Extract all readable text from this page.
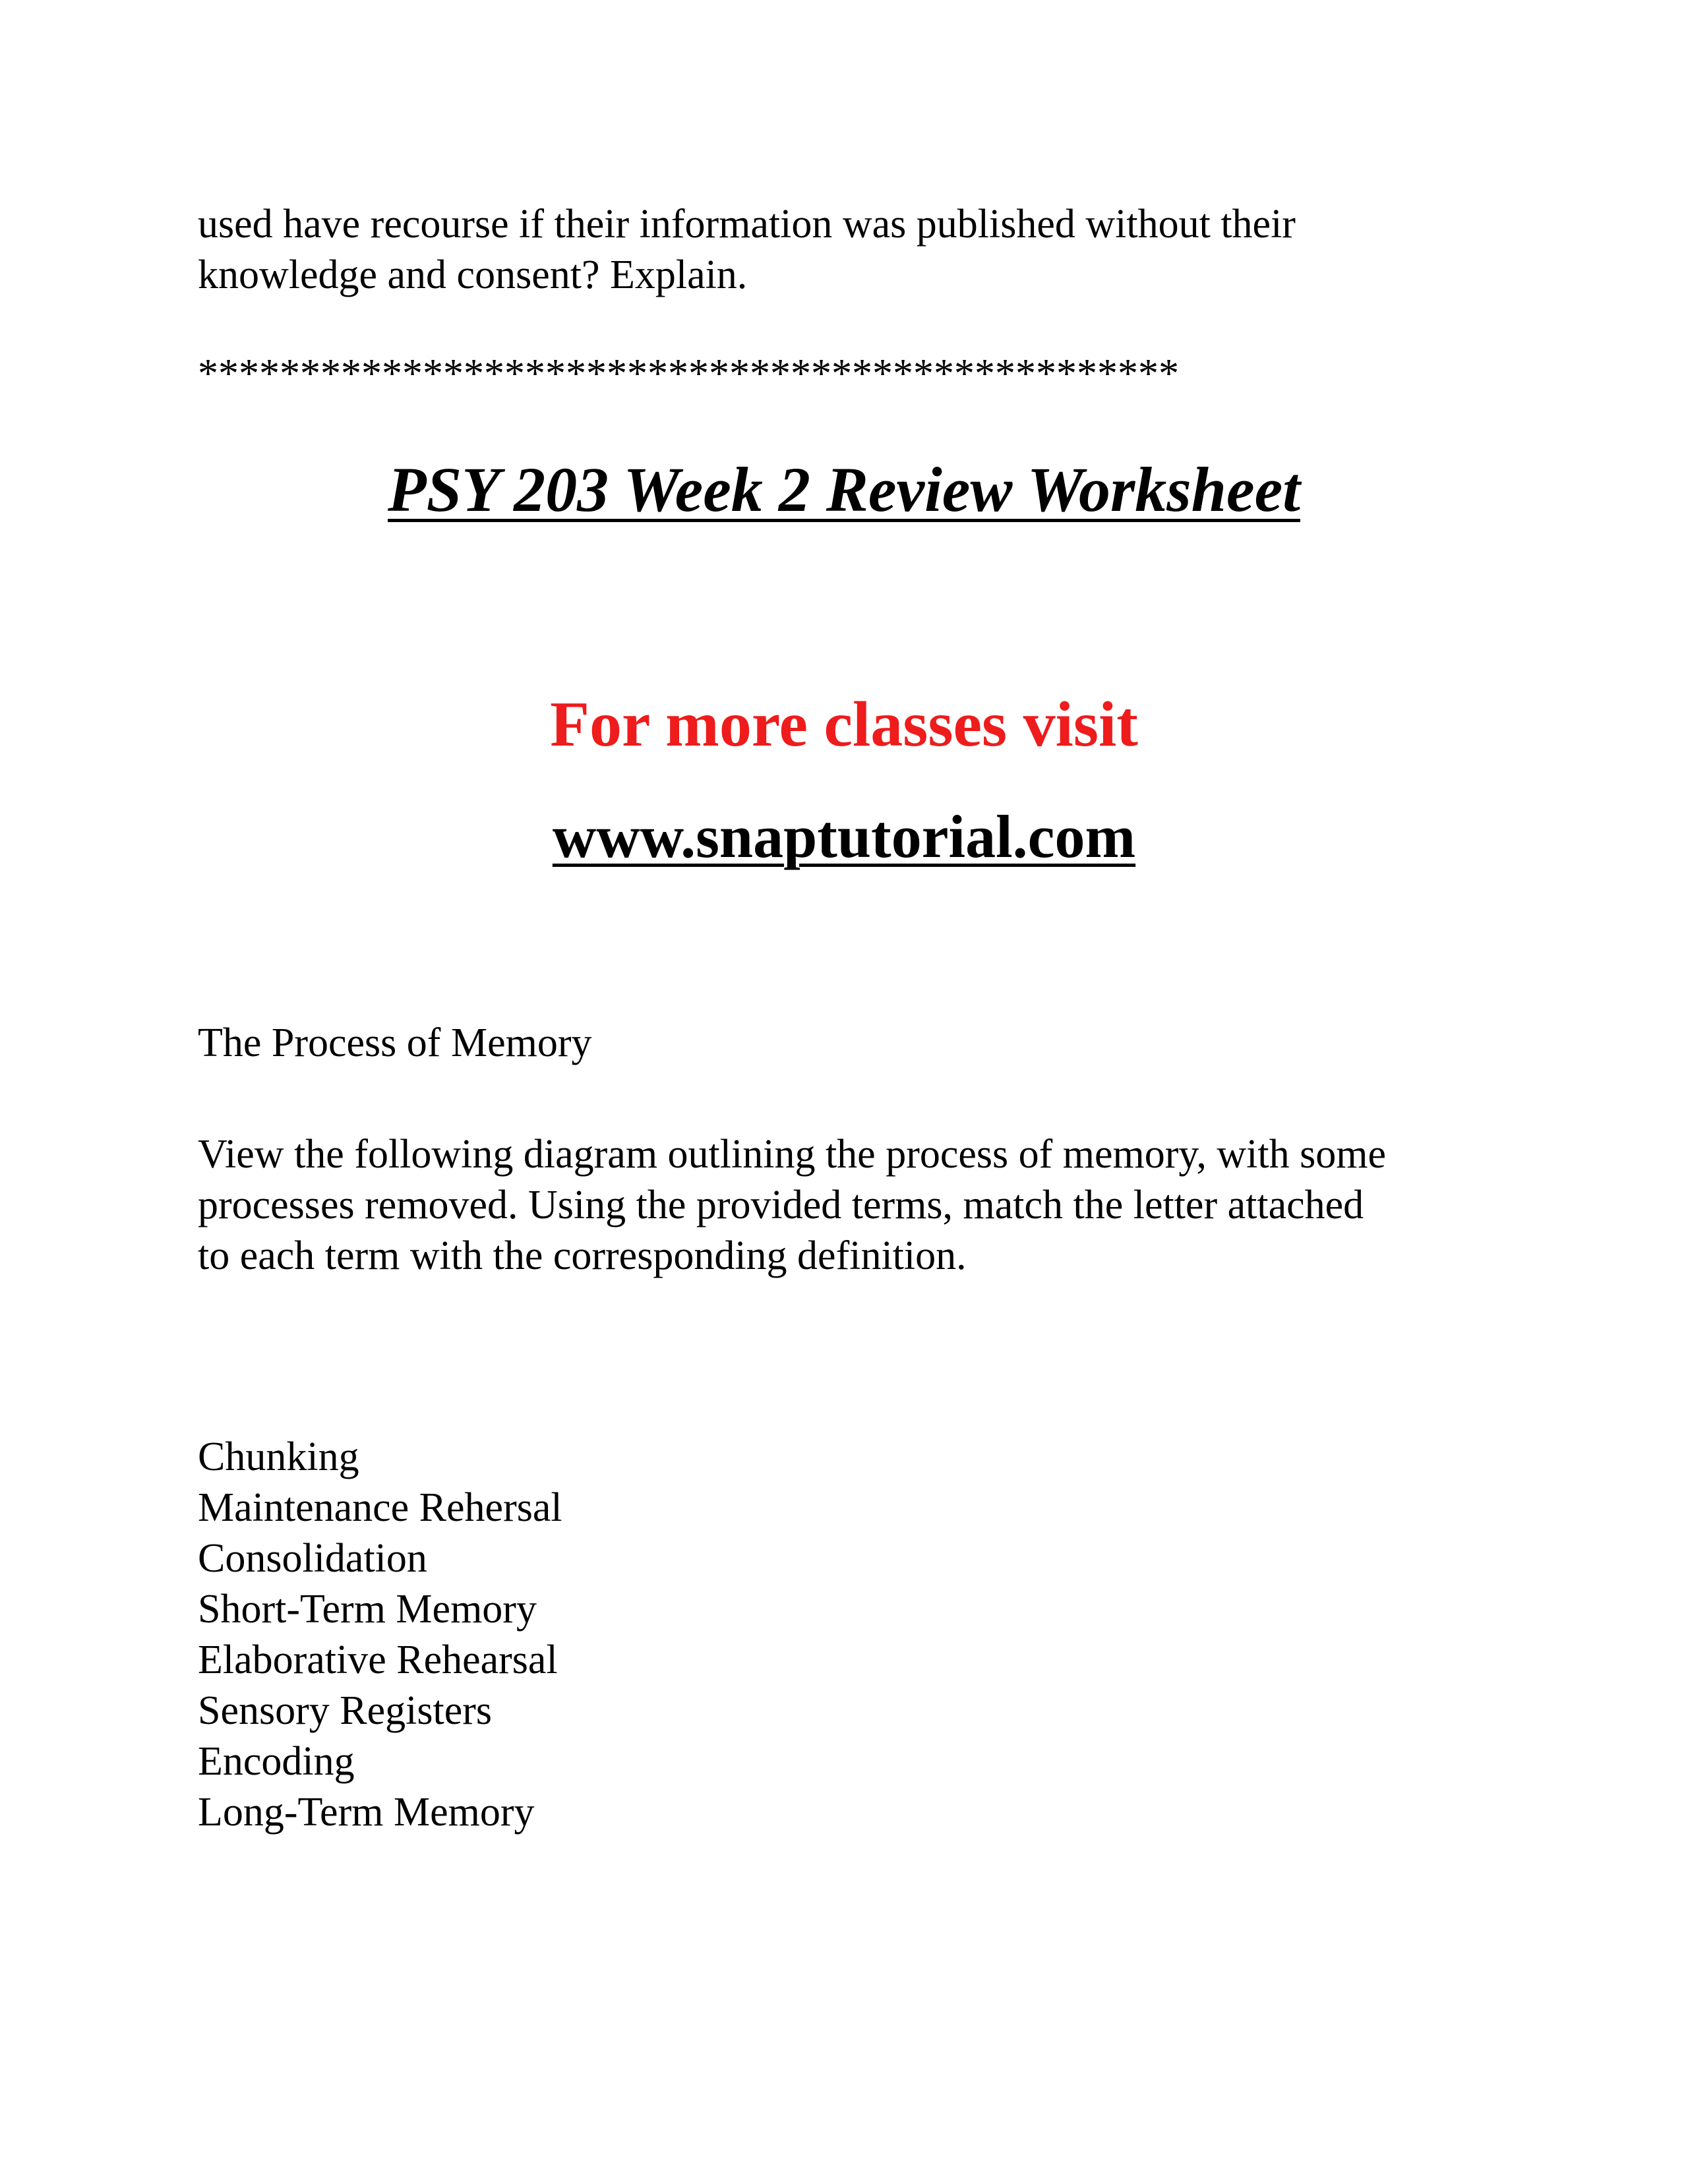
used have recourse if their information was published without their
knowledge and consent? Explain.
************************************************
PSY 203 Week 2 Review Worksheet
For more classes visit
www.snaptutorial.com
The Process of Memory
View the following diagram outlining the process of memory, with some
processes removed. Using the provided terms, match the letter attached
to each term with the corresponding definition.
Chunking
Maintenance Rehersal
Consolidation
Short-Term Memory
Elaborative Rehearsal
Sensory Registers
Encoding
Long-Term Memory
